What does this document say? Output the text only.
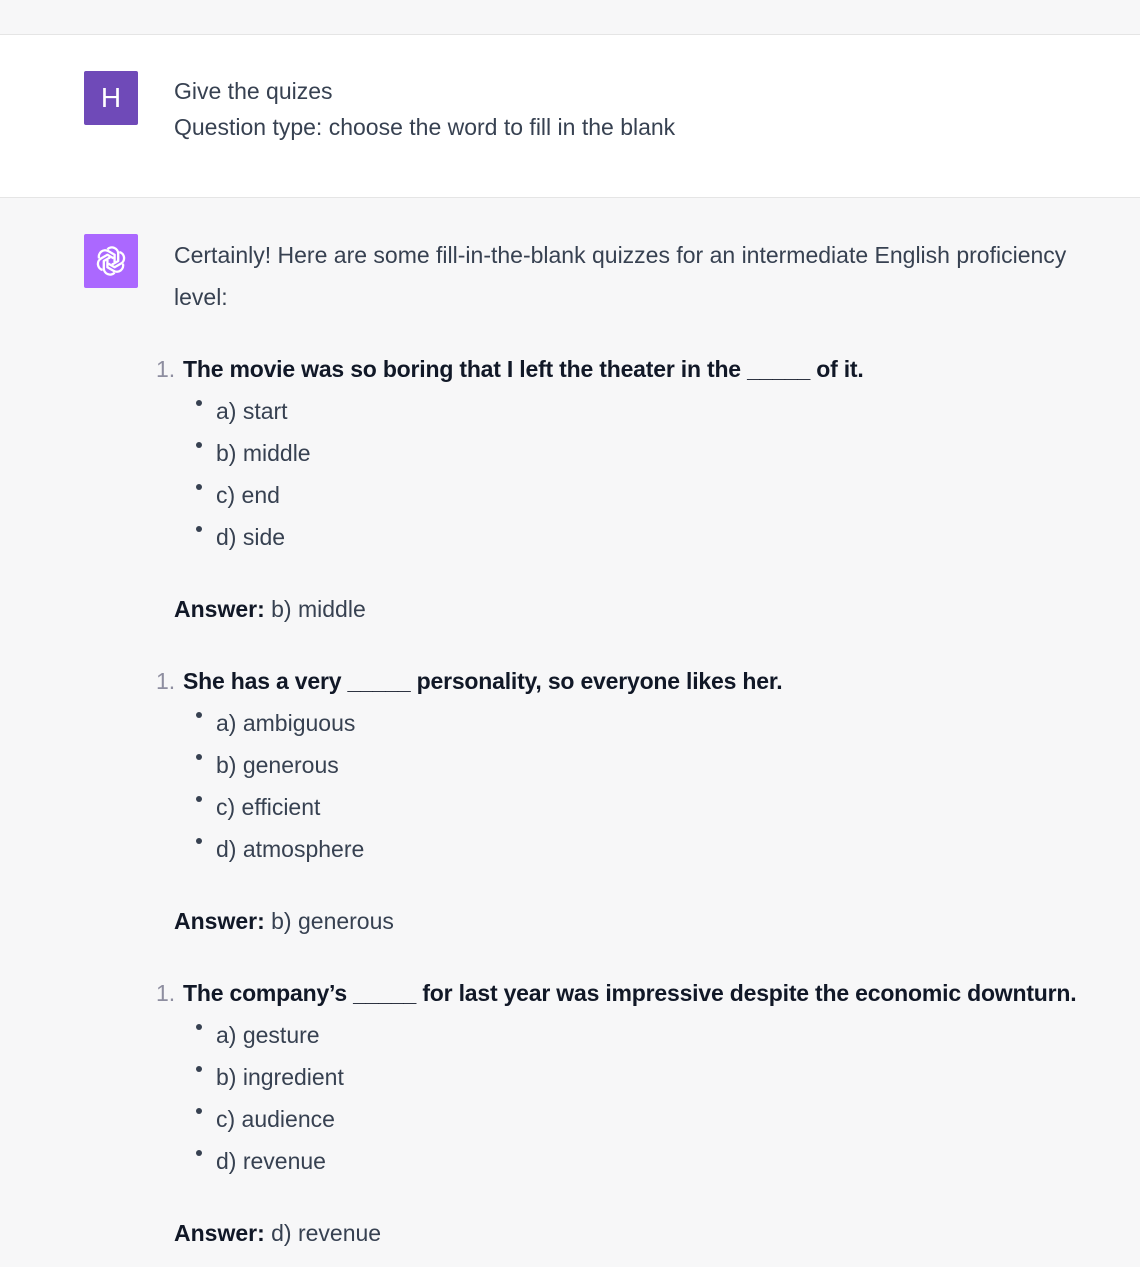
H	Give the quizes
Question type: choose the word to fill in the blank

Certainly! Here are some fill-in-the-blank quizzes for an intermediate English proficiency level:

1. The movie was so boring that I left the theater in the _____ of it.
a) start
b) middle
c) end
d) side
Answer: b) middle
1. She has a very _____ personality, so everyone likes her.
a) ambiguous
b) generous
c) efficient
d) atmosphere
Answer: b) generous
1. The company’s _____ for last year was impressive despite the economic downturn.
a) gesture
b) ingredient
c) audience
d) revenue
Answer: d) revenue
